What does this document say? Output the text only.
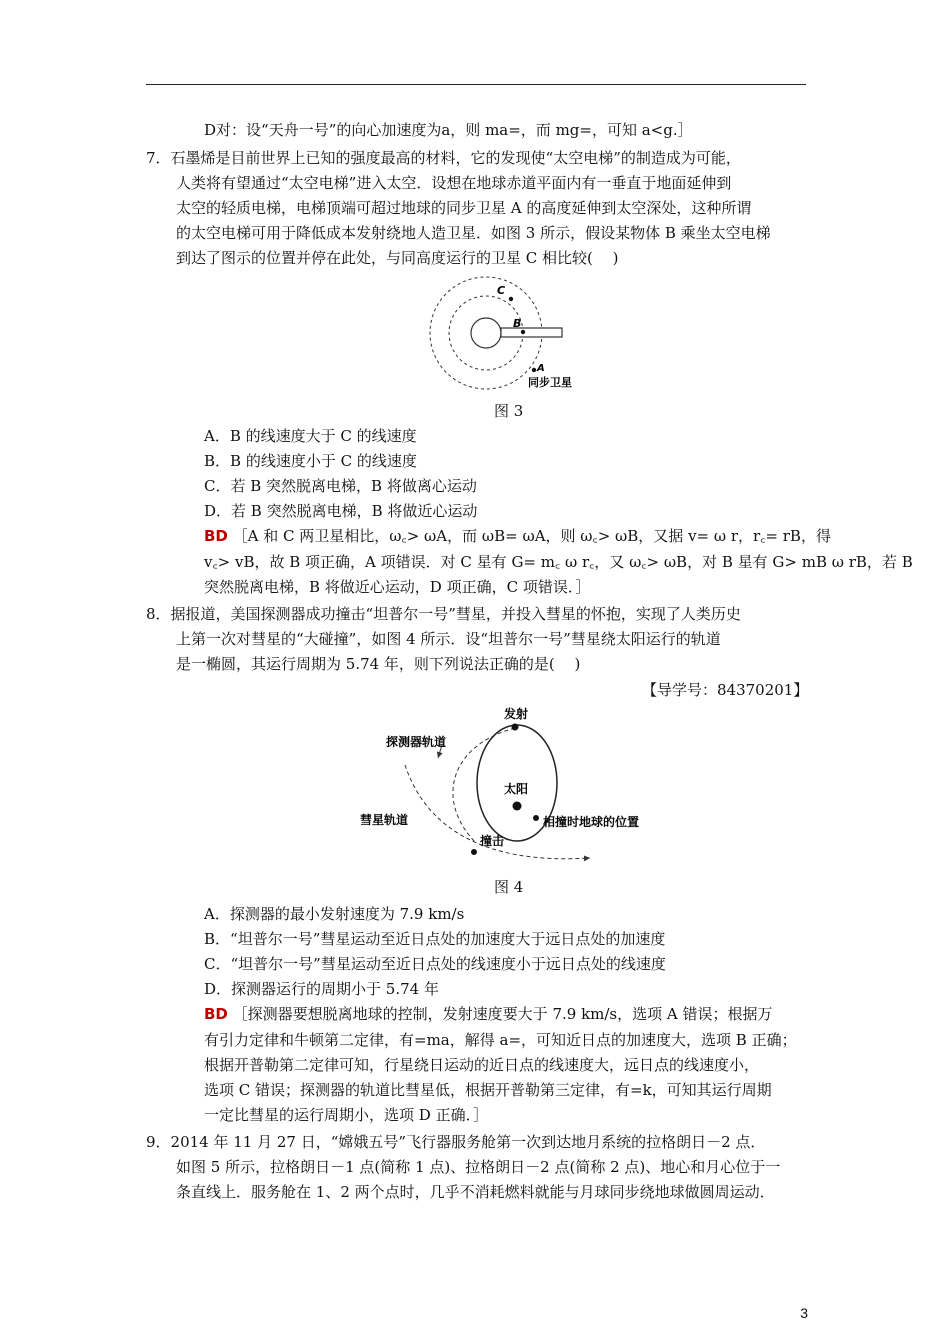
D对：设“天舟一号”的向心加速度为a，则 ma=，而 mg=，可知 a<g.］
7．石墨烯是目前世界上已知的强度最高的材料，它的发现使“太空电梯”的制造成为可能，
人类将有望通过“太空电梯”进入太空．设想在地球赤道平面内有一垂直于地面延伸到
太空的轻质电梯，电梯顶端可超过地球的同步卫星 A 的高度延伸到太空深处，这种所谓
的太空电梯可用于降低成本发射绕地人造卫星．如图 3 所示，假设某物体 B 乘坐太空电梯
到达了图示的位置并停在此处，与同高度运行的卫星 C 相比较(　 )
C
B
A
同步卫星
图 3
A．B 的线速度大于 C 的线速度
B．B 的线速度小于 C 的线速度
C．若 B 突然脱离电梯，B 将做离心运动
D．若 B 突然脱离电梯，B 将做近心运动
BD ［A 和 C 两卫星相比，ω꜀> ωA，而 ωB= ωA，则 ω꜀> ωB，又据 v= ω r，r꜀= rB，得
v꜀> vB，故 B 项正确，A 项错误．对 C 星有 G= m꜀ ω r꜀，又 ω꜀> ωB，对 B 星有 G> mB ω rB，若 B
突然脱离电梯，B 将做近心运动，D 项正确，C 项错误．］
8．据报道，美国探测器成功撞击“坦普尔一号”彗星，并投入彗星的怀抱，实现了人类历史
上第一次对彗星的“大碰撞”，如图 4 所示．设“坦普尔一号”彗星绕太阳运行的轨道
是一椭圆，其运行周期为 5.74 年，则下列说法正确的是(　 )
【导学号：84370201】
发射
探测器轨道
太阳
彗星轨道	相撞时地球的位置
撞击
图 4
A．探测器的最小发射速度为 7.9 km/s
B．“坦普尔一号”彗星运动至近日点处的加速度大于远日点处的加速度
C．“坦普尔一号”彗星运动至近日点处的线速度小于远日点处的线速度
D．探测器运行的周期小于 5.74 年
BD ［探测器要想脱离地球的控制，发射速度要大于 7.9 km/s，选项 A 错误；根据万
有引力定律和牛顿第二定律，有=ma，解得 a=，可知近日点的加速度大，选项 B 正确；
根据开普勒第二定律可知，行星绕日运动的近日点的线速度大，远日点的线速度小，
选项 C 错误；探测器的轨道比彗星低，根据开普勒第三定律，有=k，可知其运行周期
一定比彗星的运行周期小，选项 D 正确．］
9．2014 年 11 月 27 日，“嫦娥五号”飞行器服务舱第一次到达地月系统的拉格朗日－2 点．
如图 5 所示，拉格朗日－1 点(简称 1 点)、拉格朗日－2 点(简称 2 点)、地心和月心位于一
条直线上．服务舱在 1、2 两个点时，几乎不消耗燃料就能与月球同步绕地球做圆周运动．
3
